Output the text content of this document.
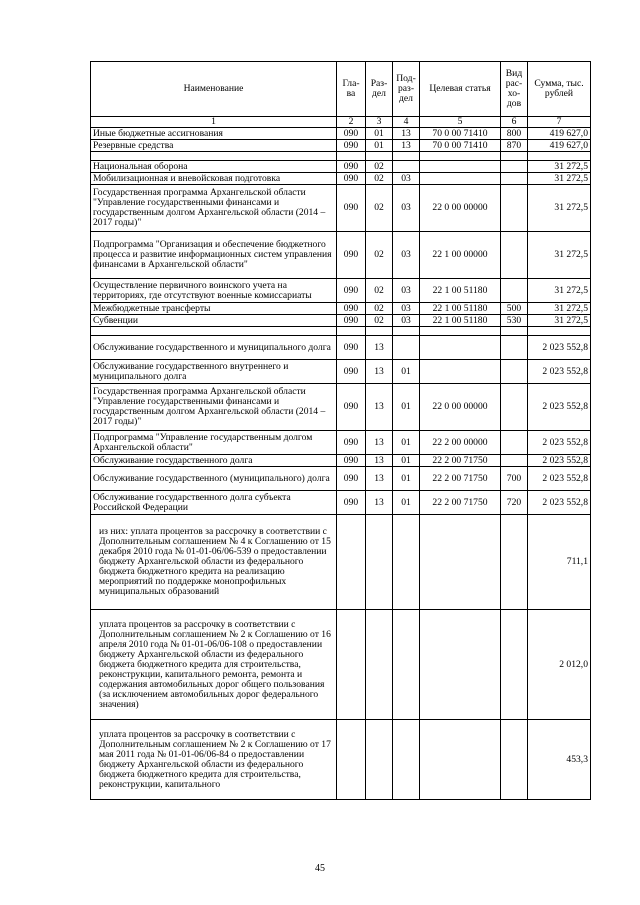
Наименование	Гла-ва	Раз-дел	Под-раз-дел	Целевая статья	Вид рас-хо-дов	Сумма, тыс. рублей
1	2	3	4	5	6	7
Иные бюджетные ассигнования	090	01	13	70 0 00 71410	800	419 627,0
Резервные средства	090	01	13	70 0 00 71410	870	419 627,0

Национальная оборона	090	02				31 272,5
Мобилизационная и вневойсковая подготовка	090	02	03			31 272,5
Государственная программа Архангельской области "Управление государственными финансами и государственным долгом Архангельской области (2014 – 2017 годы)"	090	02	03	22 0 00 00000		31 272,5
Подпрограмма "Организация и обеспечение бюджетного процесса и развитие информационных систем управления финансами в Архангельской области"	090	02	03	22 1 00 00000		31 272,5
Осуществление первичного воинского учета на территориях, где отсутствуют военные комиссариаты	090	02	03	22 1 00 51180		31 272,5
Межбюджетные трансферты	090	02	03	22 1 00 51180	500	31 272,5
Субвенции	090	02	03	22 1 00 51180	530	31 272,5

Обслуживание государственного и муниципального долга	090	13				2 023 552,8
Обслуживание государственного внутреннего и муниципального долга	090	13	01			2 023 552,8
Государственная программа Архангельской области "Управление государственными финансами и государственным долгом Архангельской области (2014 – 2017 годы)"	090	13	01	22 0 00 00000		2 023 552,8
Подпрограмма "Управление государственным долгом Архангельской области"	090	13	01	22 2 00 00000		2 023 552,8
Обслуживание государственного долга	090	13	01	22 2 00 71750		2 023 552,8
Обслуживание государственного (муниципального) долга	090	13	01	22 2 00 71750	700	2 023 552,8
Обслуживание государственного долга субъекта Российской Федерации	090	13	01	22 2 00 71750	720	2 023 552,8
из них: уплата процентов за рассрочку в соответствии с Дополнительным соглашением № 4 к Соглашению от 15 декабря 2010 года № 01-01-06/06-539 о предоставлении бюджету Архангельской области из федерального бюджета бюджетного кредита на реализацию мероприятий по поддержке монопрофильных муниципальных образований						711,1
уплата процентов за рассрочку в соответствии с Дополнительным соглашением № 2 к Соглашению от 16 апреля 2010 года № 01-01-06/06-108 о предоставлении бюджету Архангельской области из федерального бюджета бюджетного кредита для строительства, реконструкции, капитального ремонта, ремонта и содержания автомобильных дорог общего пользования (за исключением автомобильных дорог федерального значения)						2 012,0
уплата процентов за рассрочку в соответствии с Дополнительным соглашением № 2 к Соглашению от 17 мая 2011 года № 01-01-06/06-84 о предоставлении бюджету Архангельской области из федерального бюджета бюджетного кредита для строительства, реконструкции, капитального						453,3
45
